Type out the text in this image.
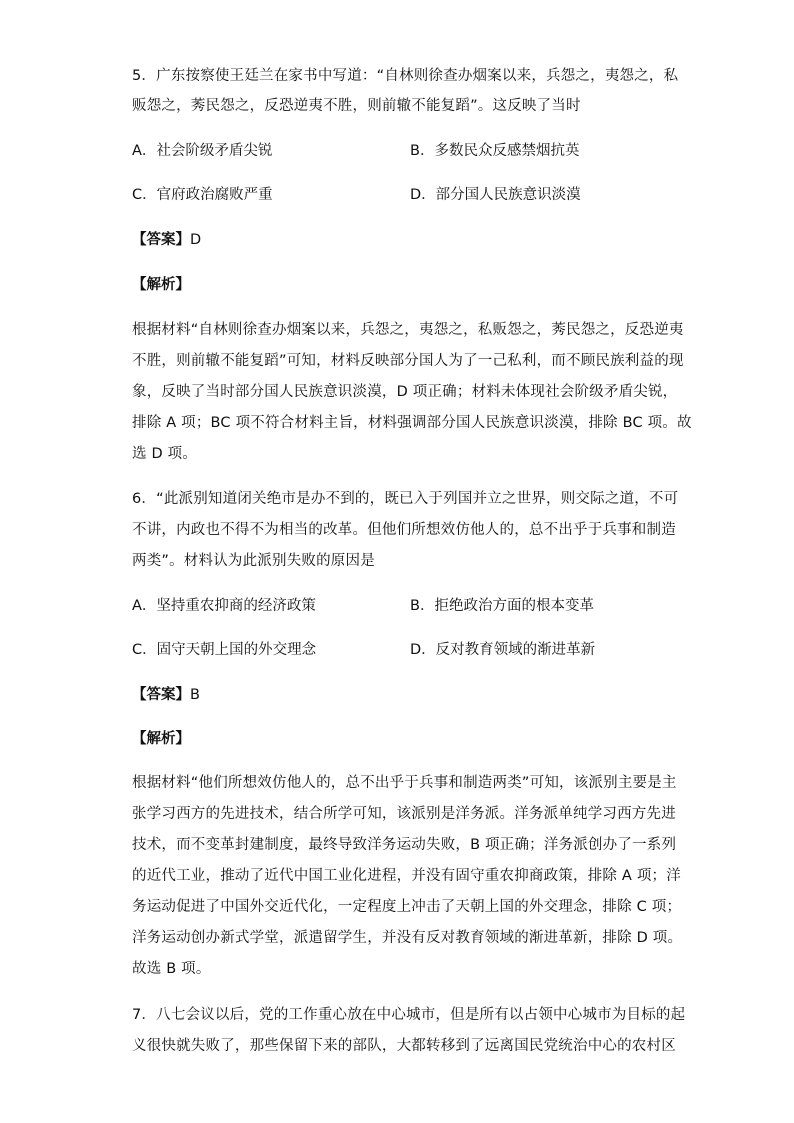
5．广东按察使王廷兰在家书中写道：“自林则徐查办烟案以来，兵怨之，夷怨之，私
贩怨之，莠民怨之，反恐逆夷不胜，则前辙不能复蹈”。这反映了当时
A．社会阶级矛盾尖锐	B．多数民众反感禁烟抗英
C．官府政治腐败严重	D．部分国人民族意识淡漠
【答案】D
【解析】
根据材料“自林则徐查办烟案以来，兵怨之，夷怨之，私贩怨之，莠民怨之，反恐逆夷
不胜，则前辙不能复蹈”可知，材料反映部分国人为了一己私利，而不顾民族利益的现
象，反映了当时部分国人民族意识淡漠，D 项正确；材料未体现社会阶级矛盾尖锐，
排除 A 项；BC 项不符合材料主旨，材料强调部分国人民族意识淡漠，排除 BC 项。故
选 D 项。
6．“此派别知道闭关绝市是办不到的，既已入于列国并立之世界，则交际之道，不可
不讲，内政也不得不为相当的改革。但他们所想效仿他人的，总不出乎于兵事和制造
两类”。材料认为此派别失败的原因是
A．坚持重农抑商的经济政策	B．拒绝政治方面的根本变革
C．固守天朝上国的外交理念	D．反对教育领域的渐进革新
【答案】B
【解析】
根据材料“他们所想效仿他人的，总不出乎于兵事和制造两类”可知，该派别主要是主
张学习西方的先进技术，结合所学可知，该派别是洋务派。洋务派单纯学习西方先进
技术，而不变革封建制度，最终导致洋务运动失败，B 项正确；洋务派创办了一系列
的近代工业，推动了近代中国工业化进程，并没有固守重农抑商政策，排除 A 项；洋
务运动促进了中国外交近代化，一定程度上冲击了天朝上国的外交理念，排除 C 项；
洋务运动创办新式学堂，派遣留学生，并没有反对教育领域的渐进革新，排除 D 项。
故选 B 项。
7．八七会议以后，党的工作重心放在中心城市，但是所有以占领中心城市为目标的起
义很快就失败了，那些保留下来的部队，大都转移到了远离国民党统治中心的农村区
